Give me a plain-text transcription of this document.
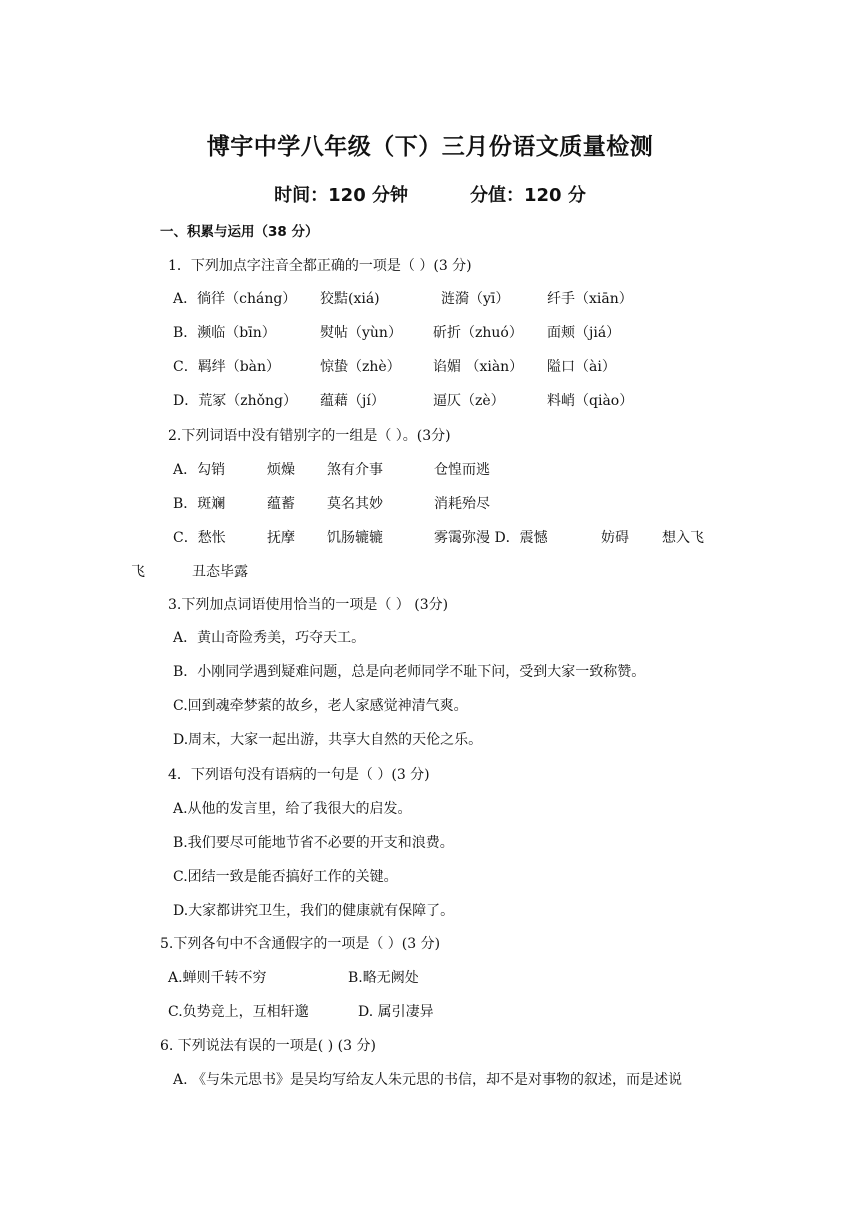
博宇中学八年级（下）三月份语文质量检测
时间：120 分钟	分值：120 分
一、积累与运用（38 分）
1．下列加点字注音全都正确的一项是（ ）(3 分)
A．徜徉（cháng） 狡黠(xiá)	涟漪（yī）	纤手（xiān）
B．濒临（bīn）	熨帖（yùn） 斫折（zhuó） 面颊（jiá）
C．羁绊（bàn）	惊蛰（zhè） 谄媚 （xiàn） 隘口（ài）
D．荒冢（zhǒng） 蕴藉（jí）	逼仄（zè）	料峭（qiào）
2.下列词语中没有错别字的一组是（ ）。(3分)
A．勾销	烦燥 煞有介事	仓惶而逃
B．斑斓	蕴蓄 莫名其妙	消耗殆尽
C．愁怅	抚摩 饥肠辘辘	雾霭弥漫 D．震憾	妨碍 想入飞
飞	丑态毕露
3.下列加点词语使用恰当的一项是（ ） (3分)
A．黄山奇险秀美，巧夺天工。
B．小刚同学遇到疑难问题，总是向老师同学不耻下问，受到大家一致称赞。
C.回到魂牵梦萦的故乡，老人家感觉神清气爽。
D.周末，大家一起出游，共享大自然的天伦之乐。
4．下列语句没有语病的一句是（ ）(3 分)
A.从他的发言里，给了我很大的启发。
B.我们要尽可能地节省不必要的开支和浪费。
C.团结一致是能否搞好工作的关键。
D.大家都讲究卫生，我们的健康就有保障了。
5.下列各句中不含通假字的一项是（ ）(3 分)
A.蝉则千转不穷	B.略无阙处
C.负势竞上，互相轩邈	D. 属引凄异
6. 下列说法有误的一项是( ) (3 分)
A. 《与朱元思书》是吴均写给友人朱元思的书信，却不是对事物的叙述，而是述说
